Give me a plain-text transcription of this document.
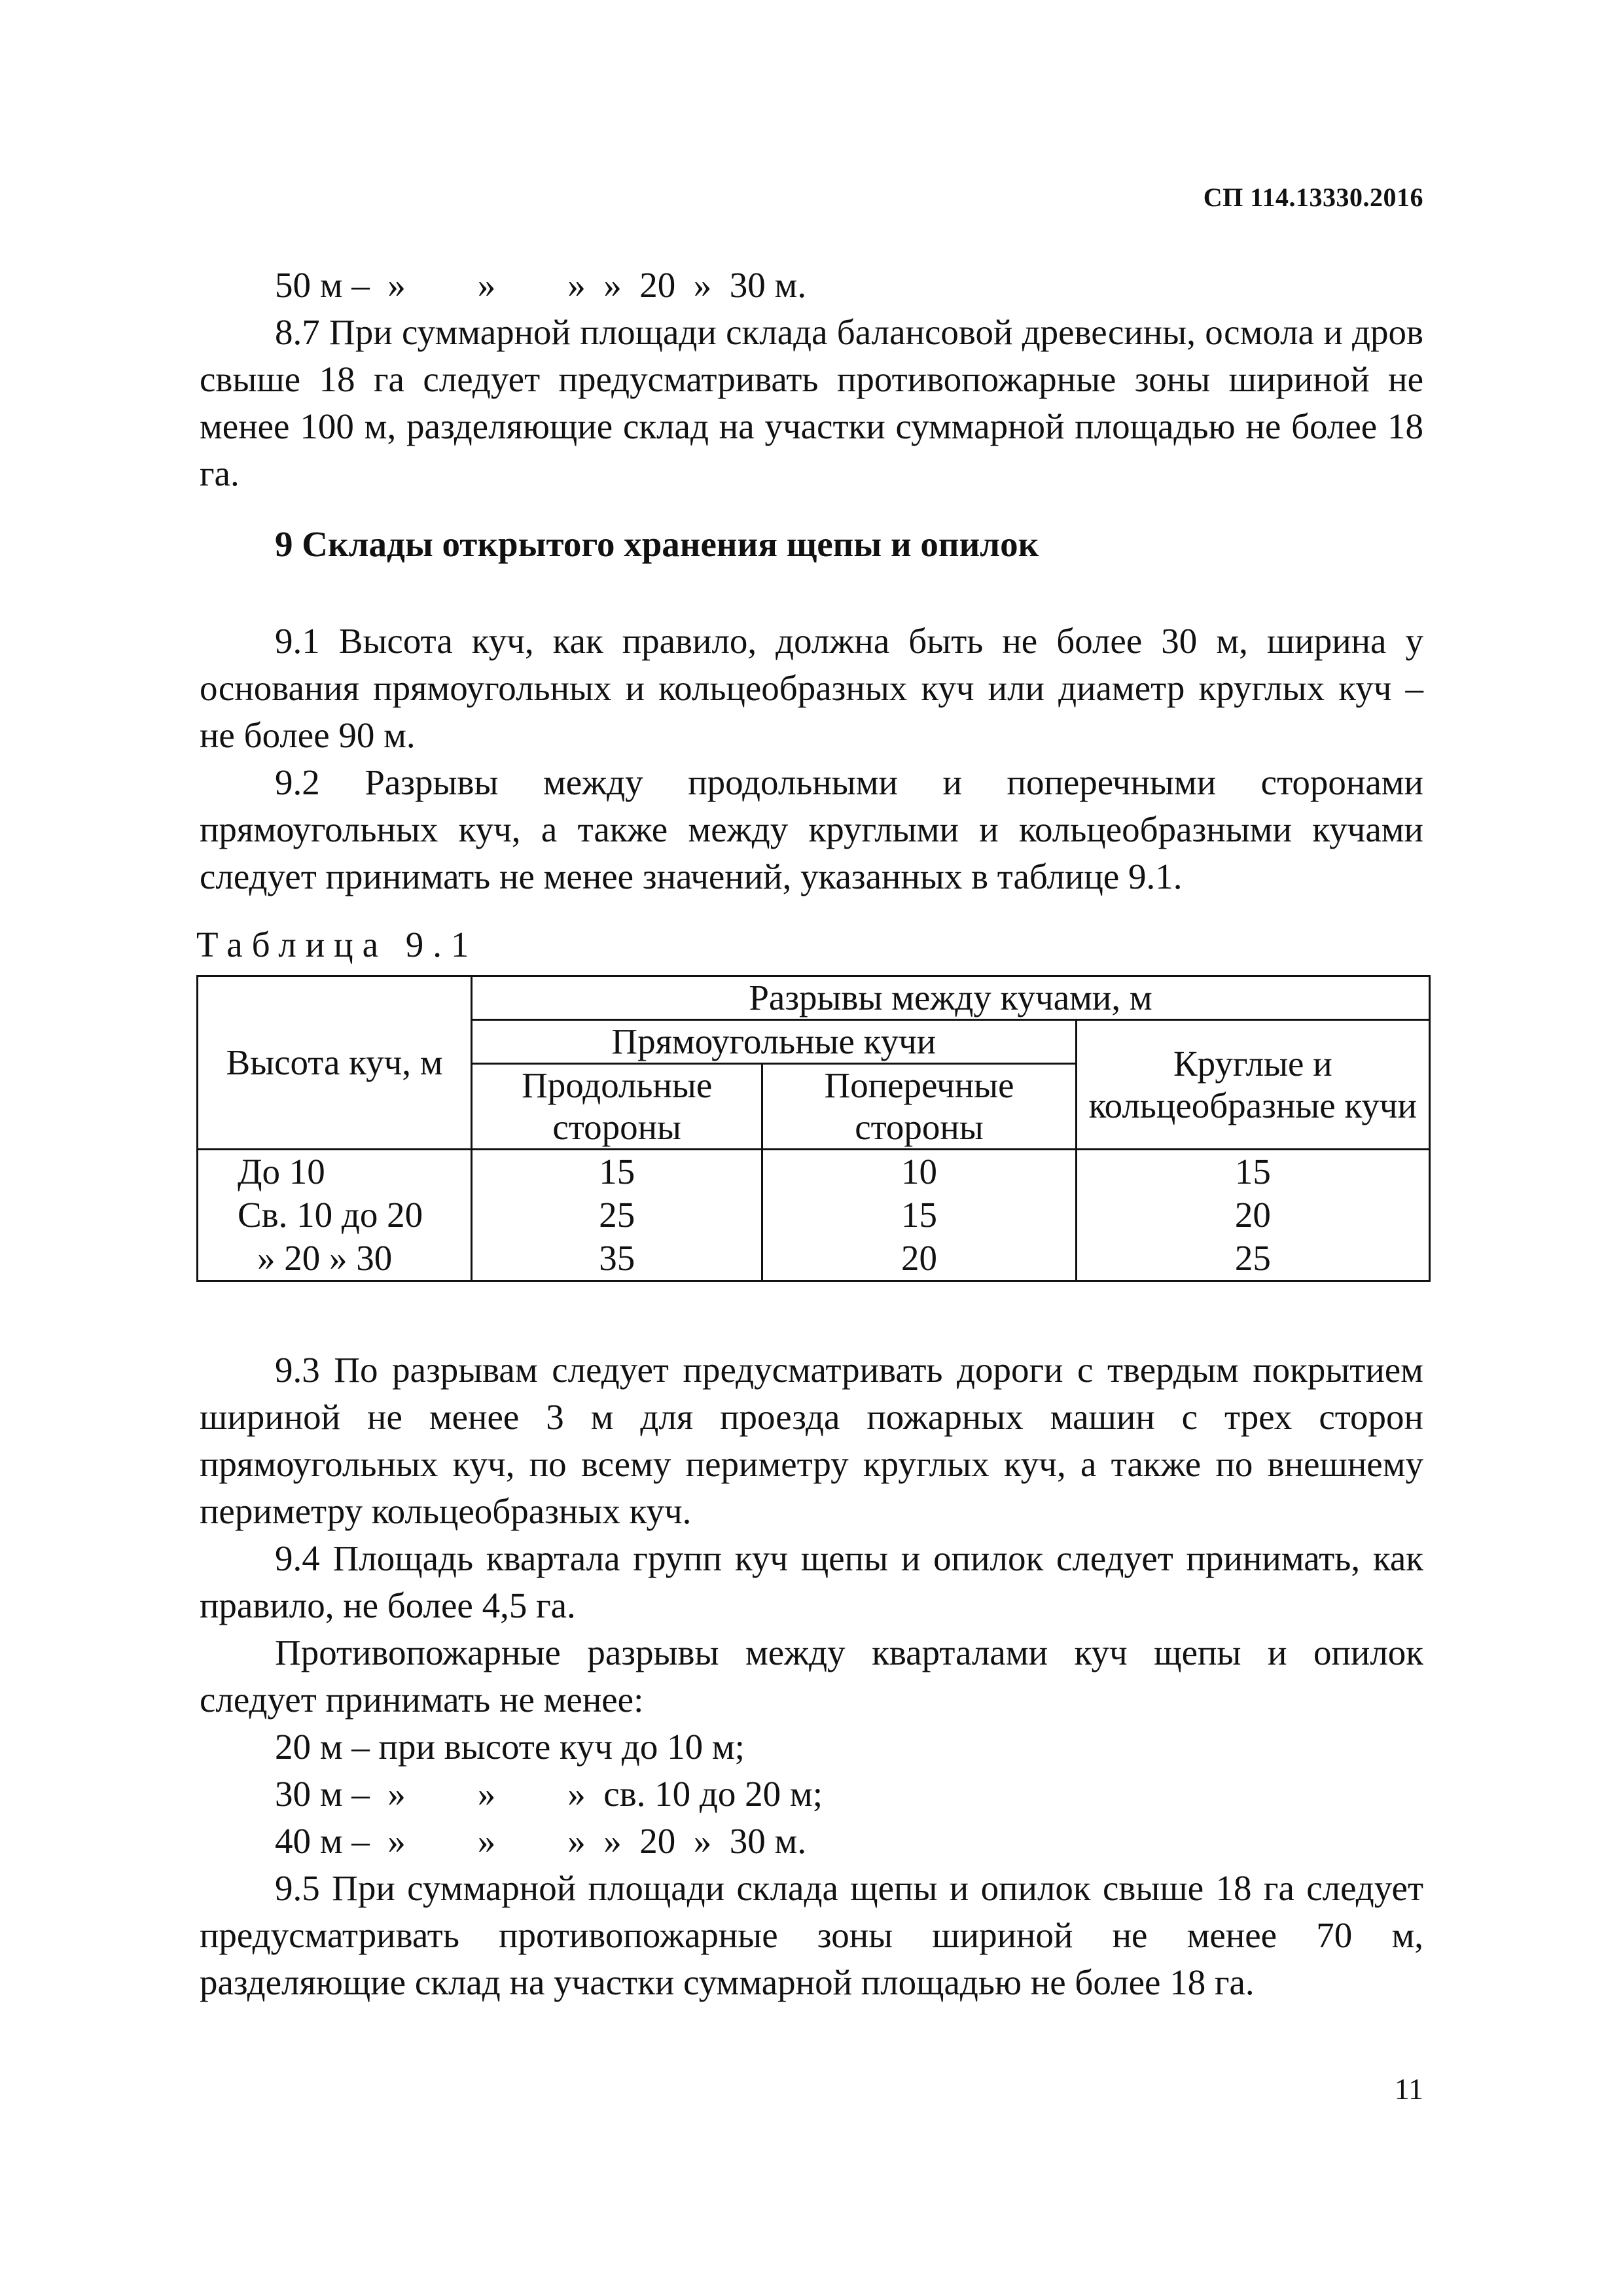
СП 114.13330.2016

50 м –  »        »        »  »  20  »  30 м.

8.7 При суммарной площади склада балансовой древесины, осмола и дров свыше 18 га следует предусматривать противопожарные зоны шириной не менее 100 м, разделяющие склад на участки суммарной площадью не более 18 га.

9 Склады открытого хранения щепы и опилок

9.1 Высота куч, как правило, должна быть не более 30 м, ширина у основания прямоугольных и кольцеобразных куч или диаметр круглых куч – не более 90 м.

9.2 Разрывы между продольными и поперечными сторонами прямоугольных куч, а также между круглыми и кольцеобразными кучами следует принимать не менее значений, указанных в таблице 9.1.

Таблица 9.1
Высота куч, м	Разрывы между кучами, м		
	Прямоугольные кучи		Круглые и кольцеобразные кучи
	Продольные стороны	Поперечные стороны	
До 10	15	10	15
Св. 10 до 20	25	15	20
» 20 » 30	35	20	25

9.3 По разрывам следует предусматривать дороги с твердым покрытием шириной не менее 3 м для проезда пожарных машин с трех сторон прямоугольных куч, по всему периметру круглых куч, а также по внешнему периметру кольцеобразных куч.

9.4 Площадь квартала групп куч щепы и опилок следует принимать, как правило, не более 4,5 га.

Противопожарные разрывы между кварталами куч щепы и опилок следует принимать не менее:

20 м – при высоте куч до 10 м;

30 м –  »        »        »  св. 10 до 20 м;

40 м –  »        »        »  »  20  »  30 м.

9.5 При суммарной площади склада щепы и опилок свыше 18 га следует предусматривать противопожарные зоны шириной не менее 70 м, разделяющие склад на участки суммарной площадью не более 18 га.

11
